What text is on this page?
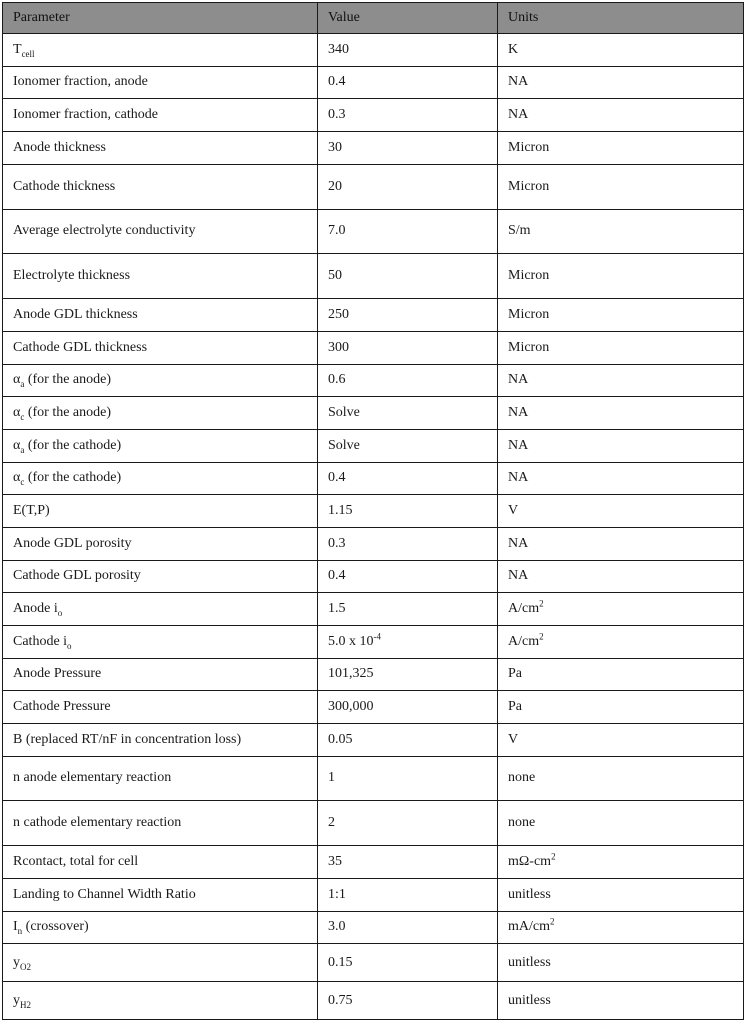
Parameter	Value	Units
$T_{cell}$	340	K
Ionomer fraction, anode	0.4	NA
Ionomer fraction, cathode	0.3	NA
Anode thickness	30	Micron
Cathode thickness	20	Micron
Average electrolyte conductivity	7.0	S/m
Electrolyte thickness	50	Micron
Anode GDL thickness	250	Micron
Cathode GDL thickness	300	Micron
$\alpha_a$ (for the anode)	0.6	NA
$\alpha_c$ (for the anode)	Solve	NA
$\alpha_a$ (for the cathode)	Solve	NA
$\alpha_c$ (for the cathode)	0.4	NA
E(T,P)	1.15	V
Anode GDL porosity	0.3	NA
Cathode GDL porosity	0.4	NA
Anode $i_o$	1.5	$A/cm^2$
Cathode $i_o$	5.0 x $10^{-4}$	$A/cm^2$
Anode Pressure	101,325	Pa
Cathode Pressure	300,000	Pa
B (replaced RT/nF in concentration loss)	0.05	V
n anode elementary reaction	1	none
n cathode elementary reaction	2	none
Rcontact, total for cell	35	$m\Omega-cm^2$
Landing to Channel Width Ratio	1:1	unitless
$I_n$ (crossover)	3.0	$mA/cm^2$
$y_{O2}$	0.15	unitless
$y_{H2}$	0.75	unitless
